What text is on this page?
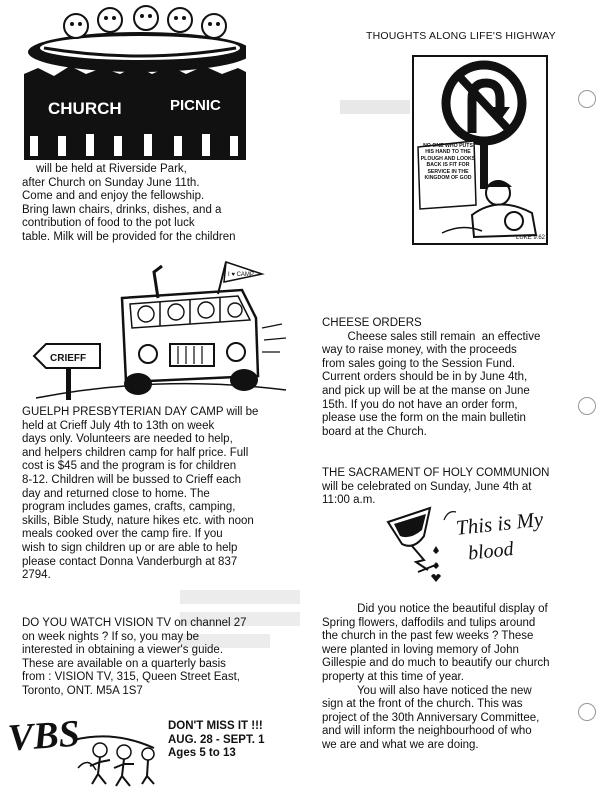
CHURCH	PICNIC

will be held at Riverside Park,

after Church on Sunday June 11th.

Come and and enjoy the fellowship.

Bring lawn chairs, drinks, dishes, and a

contribution of food to the pot luck

table. Milk will be provided for the children

CRIEFF
I ♥ CAMP

GUELPH PRESBYTERIAN DAY CAMP will be

held at Crieff July 4th to 13th on week

days only. Volunteers are needed to help,

and helpers children camp for half price. Full

cost is $45 and the program is for children

8-12. Children will be bussed to Crieff each

day and returned close to home. The

program includes games, crafts, camping,

skills, Bible Study, nature hikes etc. with noon

meals cooked over the camp fire. If you

wish to sign children up or are able to help

please contact Donna Vanderburgh at 837

2794.

DO YOU WATCH VISION TV on channel 27

on week nights ? If so, you may be

interested in obtaining a viewer's guide.

These are available on a quarterly basis

from : VISION TV, 315, Queen Street East,

Toronto, ONT. M5A 1S7

VBS	DON'T MISS IT !!!

AUG. 28 - SEPT. 1

Ages 5 to 13

THOUGHTS ALONG LIFE'S HIGHWAY
NO ONE WHO PUTS HIS HAND TO THE PLOUGH AND LOOKS BACK IS FIT FOR SERVICE IN THE KINGDOM OF GOD
LUKE 9:62

CHEESE ORDERS

Cheese sales still remain  an effective

way to raise money, with the proceeds

from sales going to the Session Fund.

Current orders should be in by June 4th,

and pick up will be at the manse on June

15th. If you do not have an order form,

please use the form on the main bulletin

board at the Church.

THE SACRAMENT OF HOLY COMMUNION

will be celebrated on Sunday, June 4th at

11:00 a.m.

This is My
blood

Did you notice the beautiful display of

Spring flowers, daffodils and tulips around

the church in the past few weeks ? These

were planted in loving memory of John

Gillespie and do much to beautify our church

property at this time of year.

You will also have noticed the new

sign at the front of the church. This was

project of the 30th Anniversary Committee,

and will inform the neighbourhood of who

we are and what we are doing.
